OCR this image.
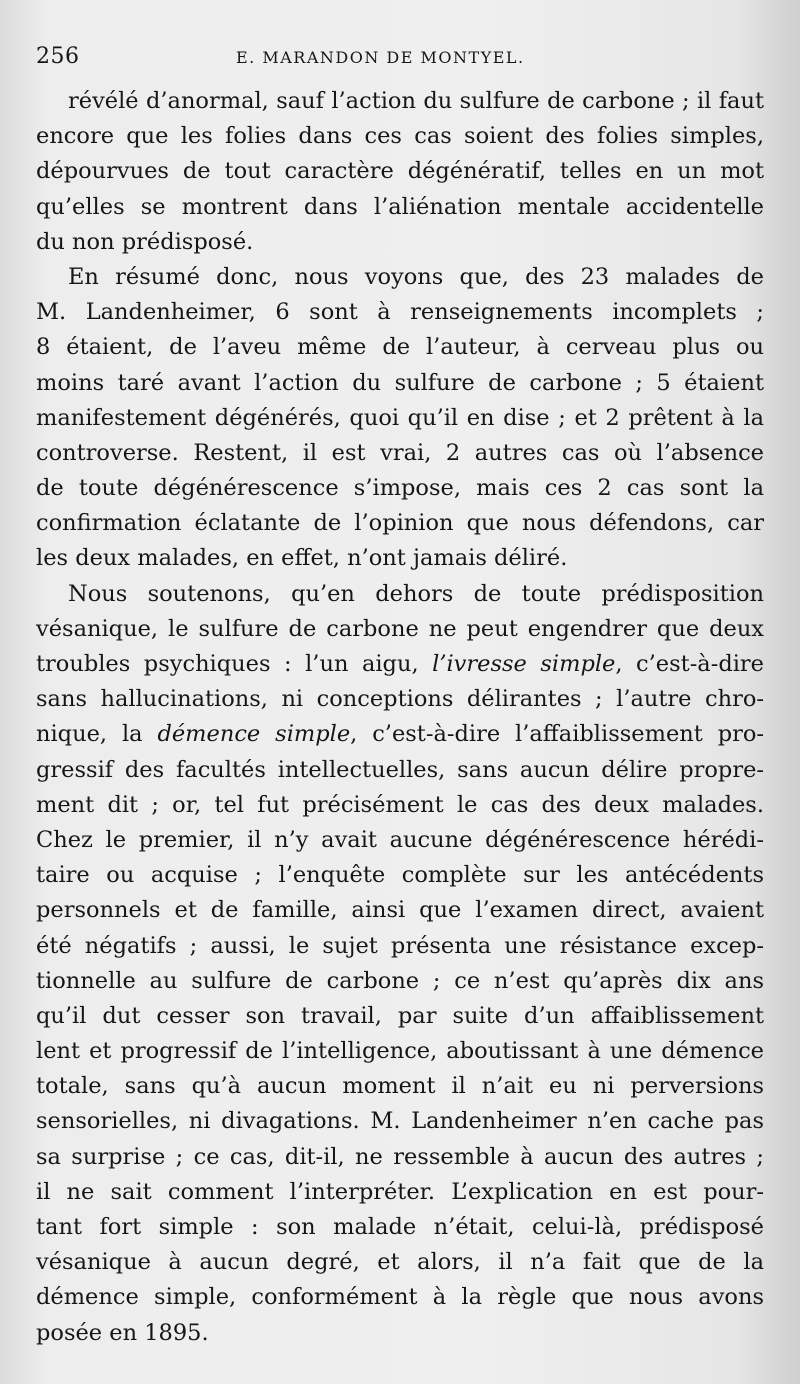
256	E. MARANDON DE MONTYEL.
révélé d’anormal, sauf l’action du sulfure de carbone ; il faut
encore que les folies dans ces cas soient des folies simples,
dépourvues de tout caractère dégénératif, telles en un mot
qu’elles se montrent dans l’aliénation mentale accidentelle
du non prédisposé.
En résumé donc, nous voyons que, des 23 malades de
M. Landenheimer, 6 sont à renseignements incomplets ;
8 étaient, de l’aveu même de l’auteur, à cerveau plus ou
moins taré avant l’action du sulfure de carbone ; 5 étaient
manifestement dégénérés, quoi qu’il en dise ; et 2 prêtent à la
controverse. Restent, il est vrai, 2 autres cas où l’absence
de toute dégénérescence s’impose, mais ces 2 cas sont la
confirmation éclatante de l’opinion que nous défendons, car
les deux malades, en effet, n’ont jamais déliré.
Nous soutenons, qu’en dehors de toute prédisposition
vésanique, le sulfure de carbone ne peut engendrer que deux
troubles psychiques : l’un aigu, l’ivresse simple, c’est-à-dire
sans hallucinations, ni conceptions délirantes ; l’autre chro-
nique, la démence simple, c’est-à-dire l’affaiblissement pro-
gressif des facultés intellectuelles, sans aucun délire propre-
ment dit ; or, tel fut précisément le cas des deux malades.
Chez le premier, il n’y avait aucune dégénérescence hérédi-
taire ou acquise ; l’enquête complète sur les antécédents
personnels et de famille, ainsi que l’examen direct, avaient
été négatifs ; aussi, le sujet présenta une résistance excep-
tionnelle au sulfure de carbone ; ce n’est qu’après dix ans
qu’il dut cesser son travail, par suite d’un affaiblissement
lent et progressif de l’intelligence, aboutissant à une démence
totale, sans qu’à aucun moment il n’ait eu ni perversions
sensorielles, ni divagations. M. Landenheimer n’en cache pas
sa surprise ; ce cas, dit-il, ne ressemble à aucun des autres ;
il ne sait comment l’interpréter. L’explication en est pour-
tant fort simple : son malade n’était, celui-là, prédisposé
vésanique à aucun degré, et alors, il n’a fait que de la
démence simple, conformément à la règle que nous avons
posée en 1895.
